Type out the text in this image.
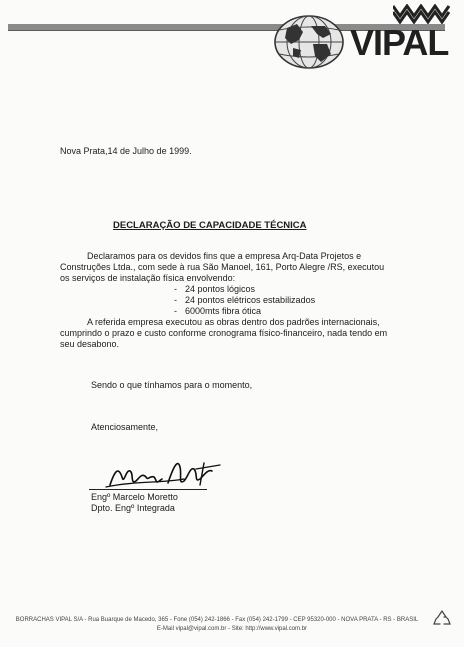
VIPAL
Nova Prata,14 de Julho de 1999.
DECLARAÇÃO DE CAPACIDADE TÉCNICA
Declaramos para os devidos fins que a empresa Arq-Data Projetos e
Construções Ltda., com sede à rua São Manoel, 161, Porto Alegre /RS, executou
os serviços de instalação física envolvendo:
- 24 pontos lógicos
- 24 pontos elétricos estabilizados
- 6000mts fibra ótica
A referida empresa executou as obras dentro dos padrões internacionais,
cumprindo o prazo e custo conforme cronograma físico-financeiro, nada tendo em
seu desabono.
Sendo o que tínhamos para o momento,
Atenciosamente,
Engº Marcelo Moretto
Dpto. Engº Integrada
BORRACHAS VIPAL S/A - Rua Buarque de Macedo, 365 - Fone (054) 242-1866 - Fax (054) 242-1799 - CEP 95320-000 - NOVA PRATA - RS - BRASIL
E-Mail vipal@vipal.com.br - Site: http://www.vipal.com.br
